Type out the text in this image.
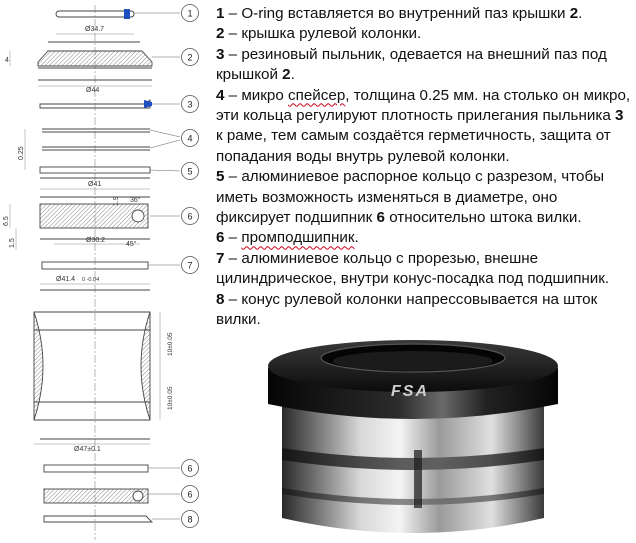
Ø34.7
Ø44
4
0.25
Ø41
6.5
1.5
1.9 36°
45°
Ø30.2
Ø41.4 0 -0.04
Ø47±0.1
10±0.05
10±0.05
1
2
3
4
5
6
7
6
6
8

1 – O-ring вставляется во внутренний паз крышки 2.

2 – крышка рулевой колонки.

3 – резиновый пыльник, одевается на внешний паз под крышкой 2.

4 – микро спейсер, толщина 0.25 мм. на столько он микро, эти кольца регулируют плотность прилегания пыльника 3 к раме, тем самым создаётся герметичность, защита от попадания воды внутрь рулевой колонки.

5 – алюминиевое распорное кольцо с разрезом, чтобы иметь возможность изменяться в диаметре, оно фиксирует подшипник 6 относительно штока вилки.

6 – промподшипник.

7 – алюминиевое кольцо с прорезью, внешне цилиндрическое, внутри конус-посадка под подшипник.

8 – конус рулевой колонки напрессовывается на шток вилки.

FSA
